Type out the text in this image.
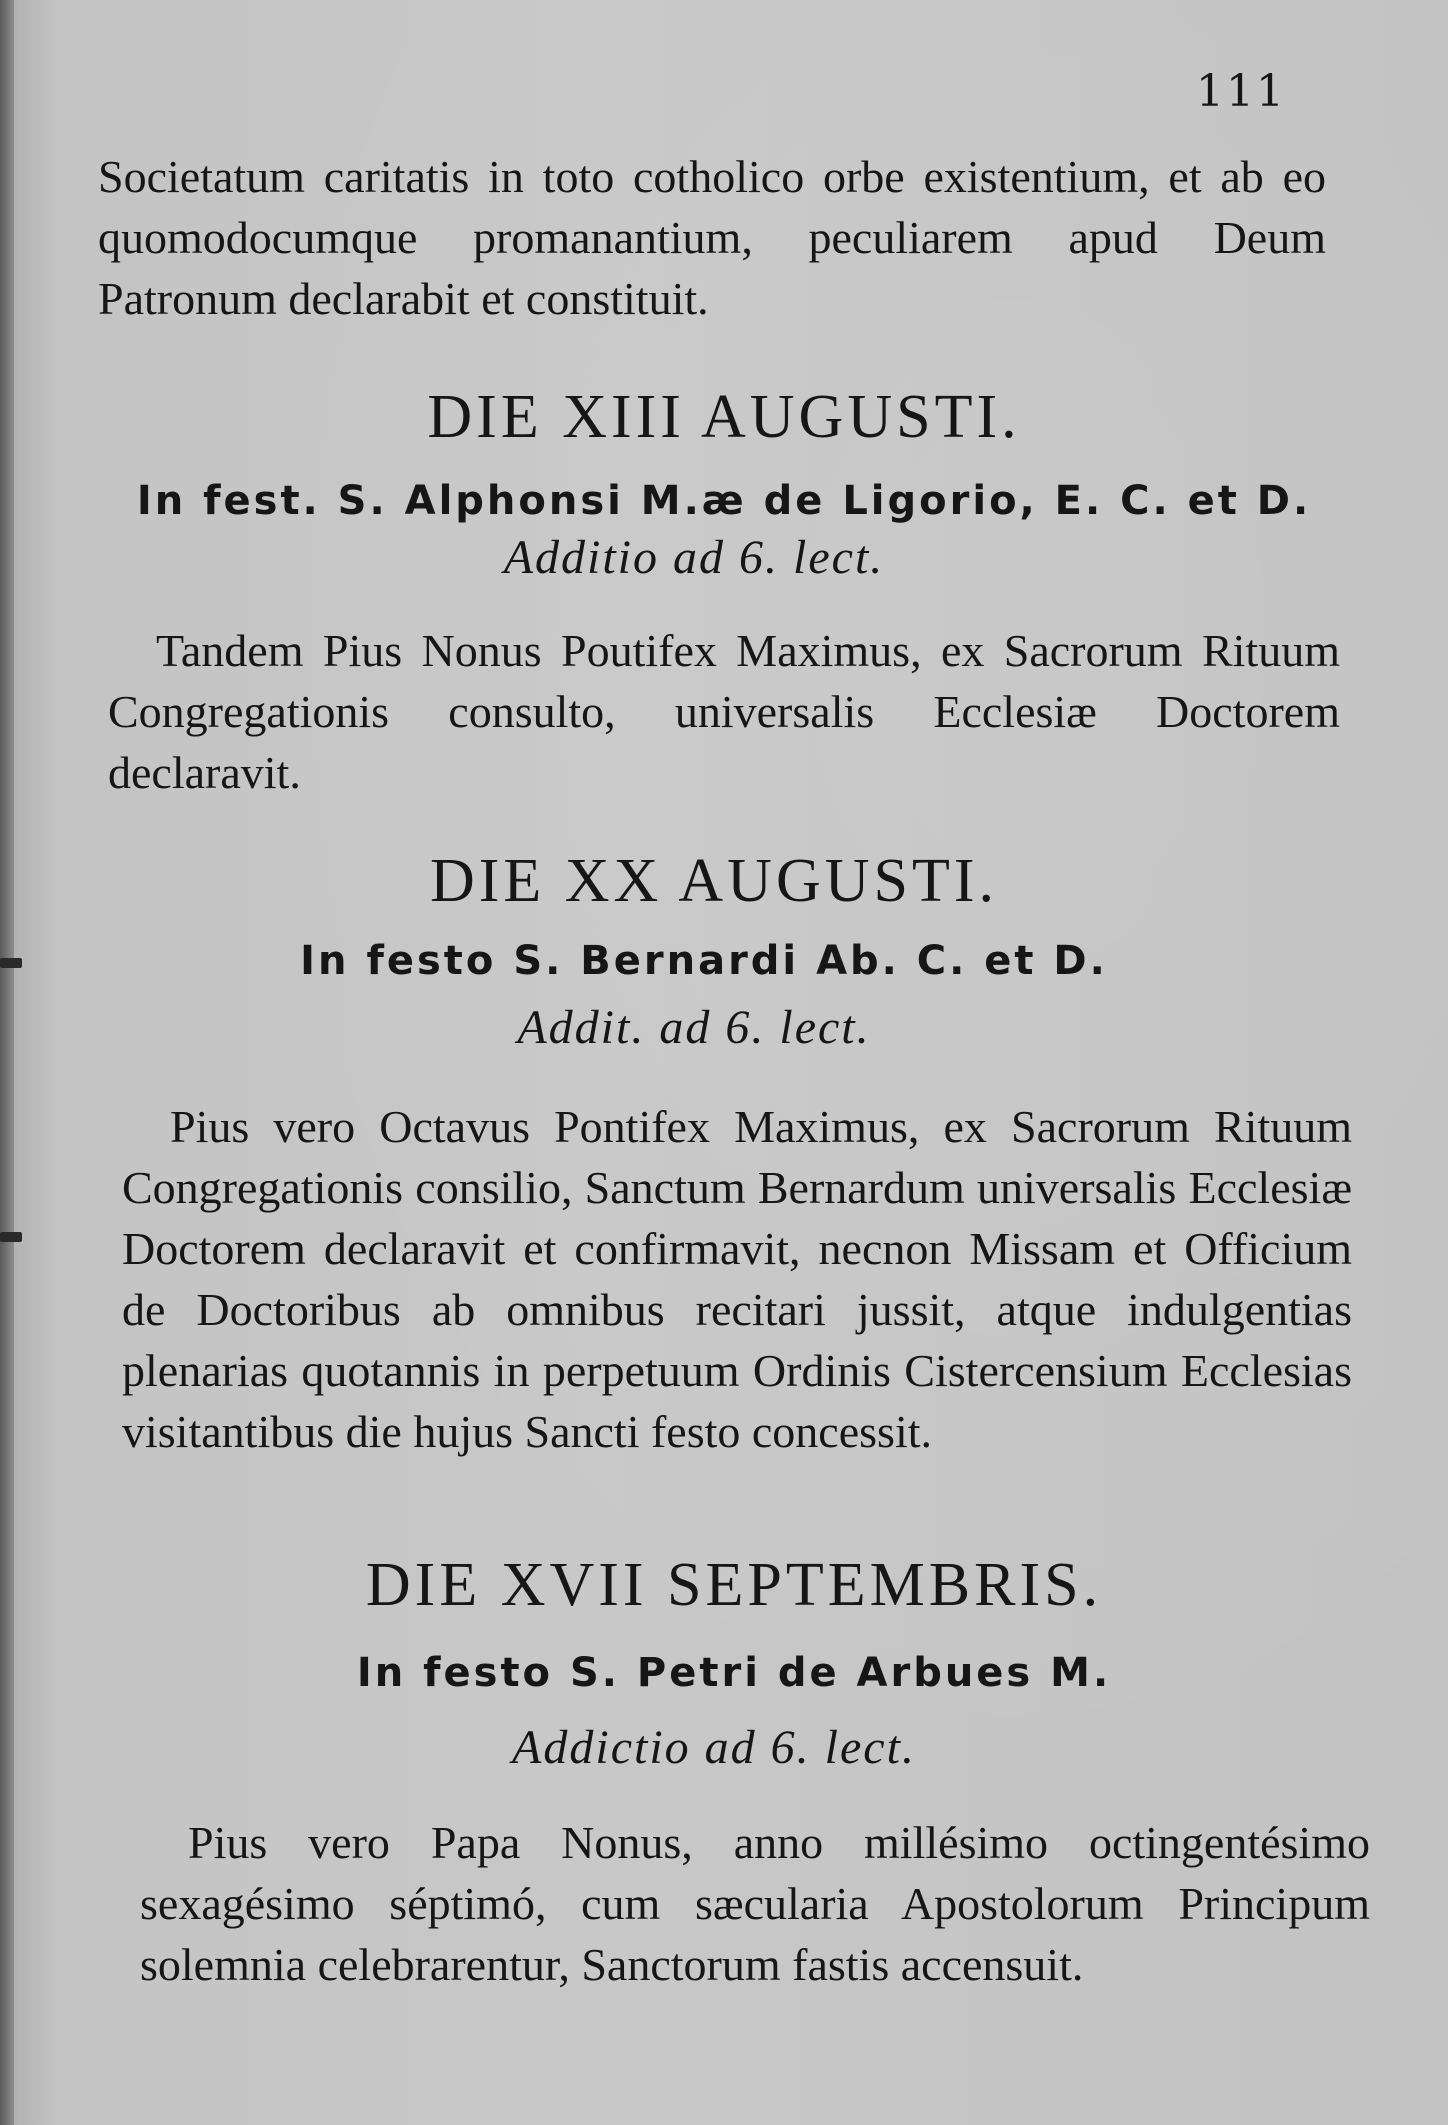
111

Societatum caritatis in toto cotholico orbe existentium, et ab eo quomodocumque promanantium, peculiarem apud Deum Patronum declarabit et constituit.

DIE XIII AUGUSTI.
In fest. S. Alphonsi M.æ de Ligorio, E. C. et D.
Additio ad 6. lect.

Tandem Pius Nonus Poutifex Maximus, ex Sacrorum Rituum Congregationis consulto, universalis Ecclesiæ Doctorem declaravit.

DIE XX AUGUSTI.
In festo S. Bernardi Ab. C. et D.
Addit. ad 6. lect.

Pius vero Octavus Pontifex Maximus, ex Sacrorum Rituum Congregationis consilio, Sanctum Bernardum universalis Ecclesiæ Doctorem declaravit et confirmavit, necnon Missam et Officium de Doctoribus ab omnibus recitari jussit, atque indulgentias plenarias quotannis in perpetuum Ordinis Cistercensium Ecclesias visitantibus die hujus Sancti festo concessit.

DIE XVII SEPTEMBRIS.
In festo S. Petri de Arbues M.
Addictio ad 6. lect.

Pius vero Papa Nonus, anno millésimo octingentésimo sexagésimo séptimó, cum sæcularia Apostolorum Principum solemnia celebrarentur, Sanctorum fastis accensuit.
